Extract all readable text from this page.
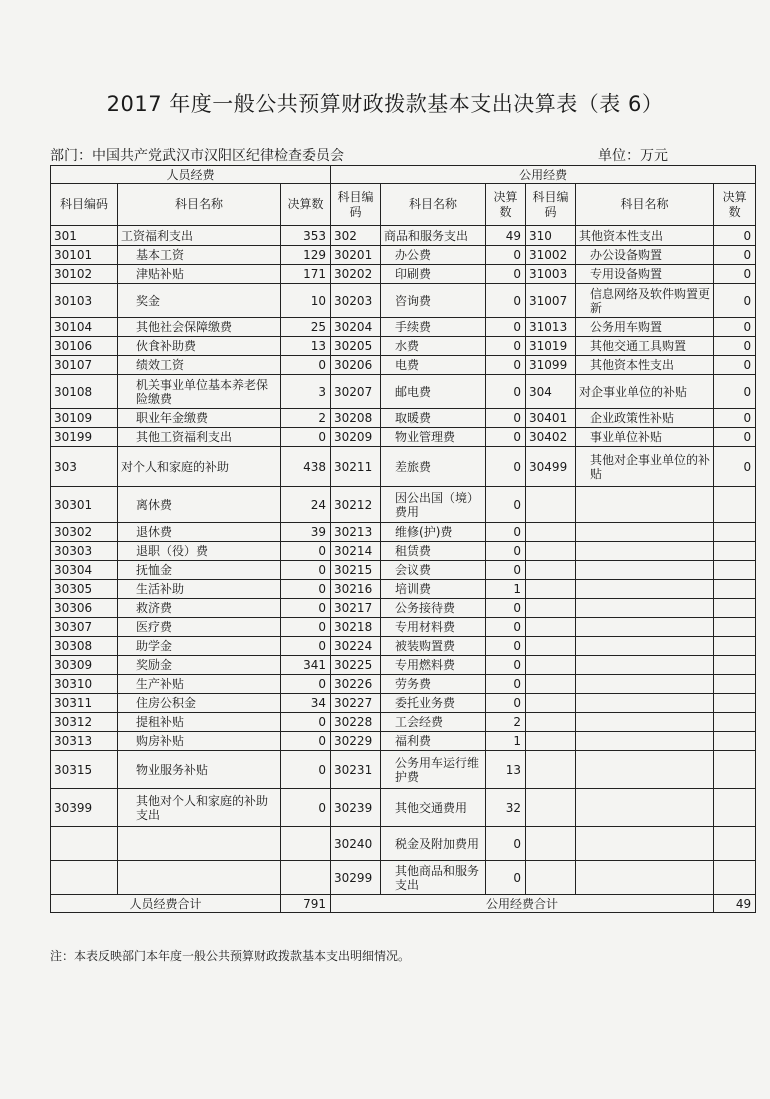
2017 年度一般公共预算财政拨款基本支出决算表（表 6）
部门：中国共产党武汉市汉阳区纪律检查委员会	单位：万元
人员经费			公用经费					
科目编码	科目名称	决算数	科目编码	科目名称	决算数	科目编码	科目名称	决算数
301	工资福利支出	353	302	商品和服务支出	49	310	其他资本性支出	0
30101	基本工资	129	30201	办公费	0	31002	办公设备购置	0
30102	津贴补贴	171	30202	印刷费	0	31003	专用设备购置	0
30103	奖金	10	30203	咨询费	0	31007	信息网络及软件购置更新	0
30104	其他社会保障缴费	25	30204	手续费	0	31013	公务用车购置	0
30106	伙食补助费	13	30205	水费	0	31019	其他交通工具购置	0
30107	绩效工资	0	30206	电费	0	31099	其他资本性支出	0
30108	机关事业单位基本养老保险缴费	3	30207	邮电费	0	304	对企事业单位的补贴	0
30109	职业年金缴费	2	30208	取暖费	0	30401	企业政策性补贴	0
30199	其他工资福利支出	0	30209	物业管理费	0	30402	事业单位补贴	0
303	对个人和家庭的补助	438	30211	差旅费	0	30499	其他对企事业单位的补贴	0
30301	离休费	24	30212	因公出国（境）费用	0			
30302	退休费	39	30213	维修(护)费	0			
30303	退职（役）费	0	30214	租赁费	0			
30304	抚恤金	0	30215	会议费	0			
30305	生活补助	0	30216	培训费	1			
30306	救济费	0	30217	公务接待费	0			
30307	医疗费	0	30218	专用材料费	0			
30308	助学金	0	30224	被装购置费	0			
30309	奖励金	341	30225	专用燃料费	0			
30310	生产补贴	0	30226	劳务费	0			
30311	住房公积金	34	30227	委托业务费	0			
30312	提租补贴	0	30228	工会经费	2			
30313	购房补贴	0	30229	福利费	1			
30315	物业服务补贴	0	30231	公务用车运行维护费	13			
30399	其他对个人和家庭的补助支出	0	30239	其他交通费用	32			
			30240	税金及附加费用	0			
			30299	其他商品和服务支出	0			
人员经费合计		791	公用经费合计					49
注：本表反映部门本年度一般公共预算财政拨款基本支出明细情况。
